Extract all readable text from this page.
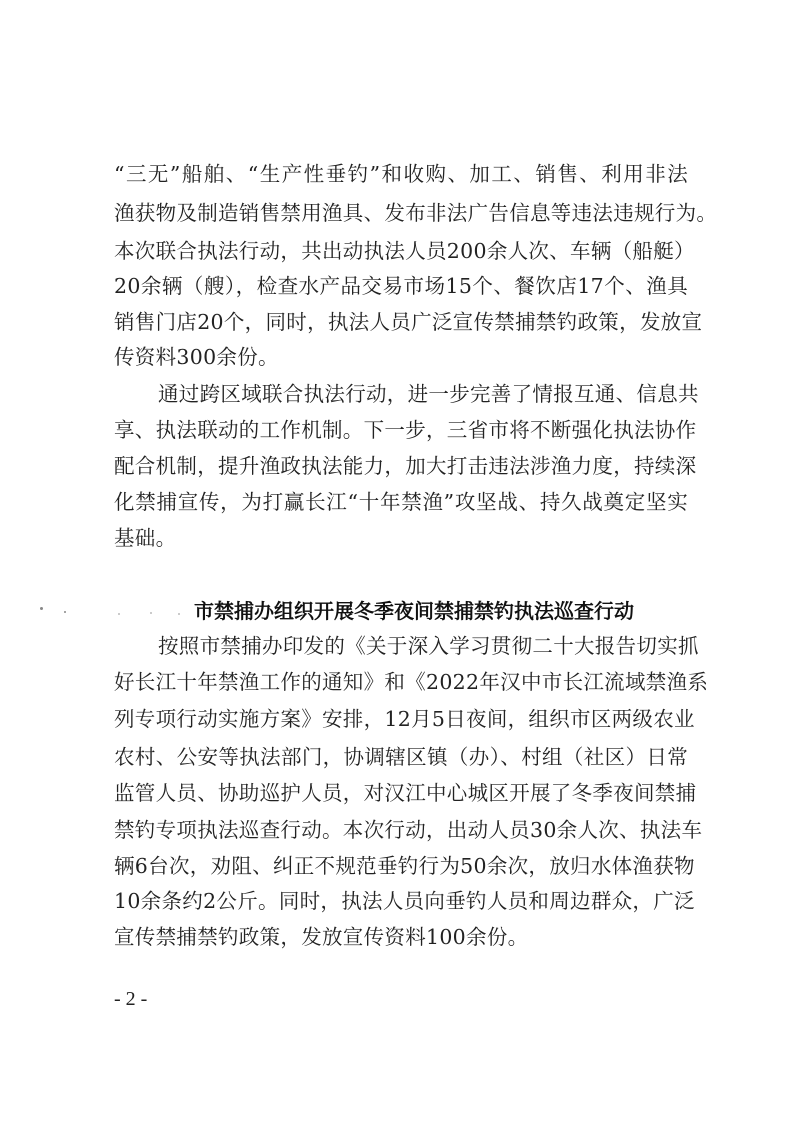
“三无”船舶、“生产性垂钓”和收购、加工、销售、利用非法
渔获物及制造销售禁用渔具、发布非法广告信息等违法违规行为。
本次联合执法行动，共出动执法人员200余人次、车辆（船艇）
20余辆（艘），检查水产品交易市场15个、餐饮店17个、渔具
销售门店20个，同时，执法人员广泛宣传禁捕禁钓政策，发放宣
传资料300余份。
通过跨区域联合执法行动，进一步完善了情报互通、信息共
享、执法联动的工作机制。下一步，三省市将不断强化执法协作
配合机制，提升渔政执法能力，加大打击违法涉渔力度，持续深
化禁捕宣传，为打赢长江“十年禁渔”攻坚战、持久战奠定坚实
基础。
市禁捕办组织开展冬季夜间禁捕禁钓执法巡查行动
按照市禁捕办印发的《关于深入学习贯彻二十大报告切实抓
好长江十年禁渔工作的通知》和《2022年汉中市长江流域禁渔系
列专项行动实施方案》安排，12月5日夜间，组织市区两级农业
农村、公安等执法部门，协调辖区镇（办）、村组（社区）日常
监管人员、协助巡护人员，对汉江中心城区开展了冬季夜间禁捕
禁钓专项执法巡查行动。本次行动，出动人员30余人次、执法车
辆6台次，劝阻、纠正不规范垂钓行为50余次，放归水体渔获物
10余条约2公斤。同时，执法人员向垂钓人员和周边群众，广泛
宣传禁捕禁钓政策，发放宣传资料100余份。
- 2 -
